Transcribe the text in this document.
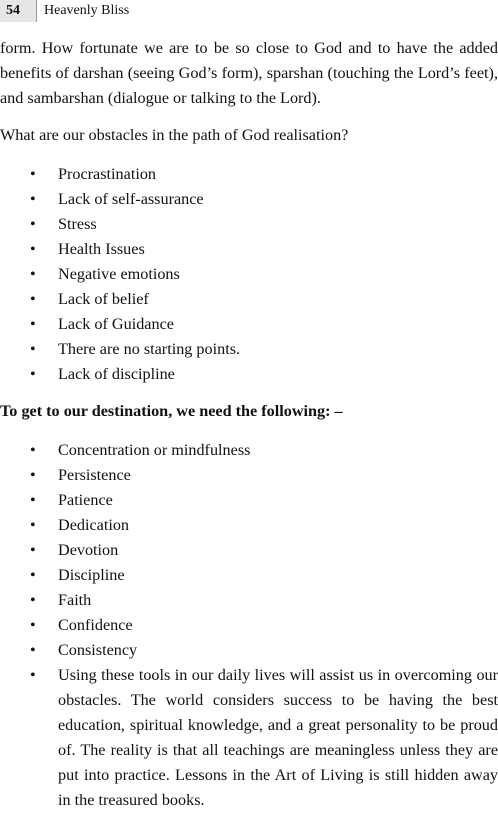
54	Heavenly Bliss

form. How fortunate we are to be so close to God and to have the added benefits of darshan (seeing God’s form), sparshan (touching the Lord’s feet), and sambarshan (dialogue or talking to the Lord).

What are our obstacles in the path of God realisation?

• Procrastination
• Lack of self-assurance
• Stress
• Health Issues
• Negative emotions
• Lack of belief
• Lack of Guidance
• There are no starting points.
• Lack of discipline

To get to our destination, we need the following: –

• Concentration or mindfulness
• Persistence
• Patience
• Dedication
• Devotion
• Discipline
• Faith
• Confidence
• Consistency
• Using these tools in our daily lives will assist us in overcoming our obstacles. The world considers success to be having the best education, spiritual knowledge, and a great personality to be proud of. The reality is that all teachings are meaningless unless they are put into practice. Lessons in the Art of Living is still hidden away in the treasured books.
